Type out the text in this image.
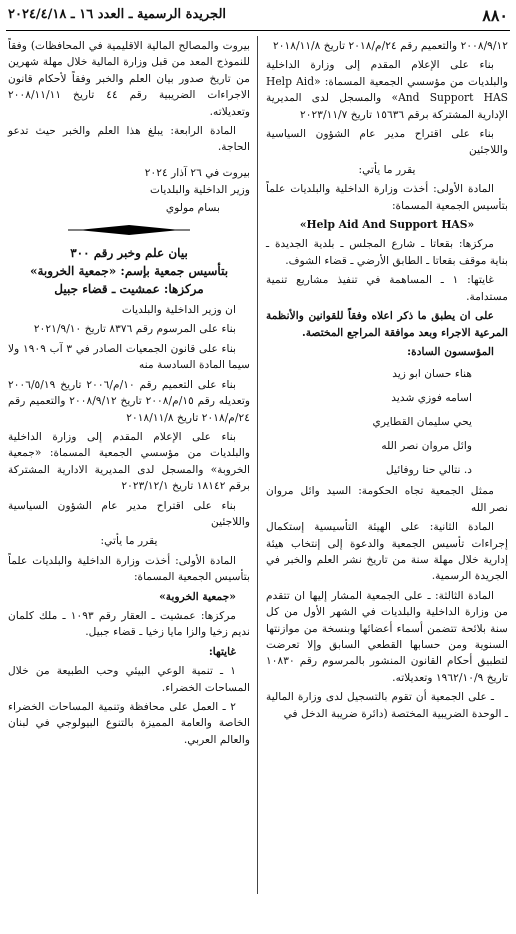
٨٨٠
الجريدة الرسمية ـ العدد ١٦ ـ ٢٠٢٤/٤/١٨

٢٠٠٨/٩/١٢ والتعميم رقم ٢٤/م/٢٠١٨ تاريخ ٢٠١٨/١١/٨

بناء على الإعلام المقدم إلى وزارة الداخلية والبلديات من مؤسسي الجمعية المسماة: «Help Aid And Support HAS» والمسجل لدى المديرية الإدارية المشتركة برقم ١٥٦٣٦ تاريخ ٢٠٢٣/١١/٧

بناء على اقتراح مدير عام الشؤون السياسية واللاجئين

يقرر ما يأتي:

المادة الأولى: أخذت وزارة الداخلية والبلديات علماً بتأسيس الجمعية المسماة:

«Help Aid And Support HAS»

مركزها: بقعاتا ـ شارع المجلس ـ بلدية الجديدة ـ بناية موقف بقعاتا ـ الطابق الأرضي ـ قضاء الشوف.

غايتها: ١ ـ المساهمة في تنفيذ مشاريع تنمية مستدامة.

على ان يطبق ما ذكر اعلاه وفقاً للقوانين والأنظمة المرعية الاجراء وبعد موافقة المراجع المختصة.

المؤسسون السادة:

هناء حسان ابو زيد

اسامه فوزي شديد

يحي سليمان القطايري

وائل مروان نصر الله

د. نتالي حنا روفائيل

ممثل الجمعية تجاه الحكومة: السيد وائل مروان نصر الله

المادة الثانية: على الهيئة التأسيسية إستكمال إجراءات تأسيس الجمعية والدعوة إلى إنتخاب هيئة إدارية خلال مهلة سنة من تاريخ نشر العلم والخبر في الجريدة الرسمية.

المادة الثالثة: ـ على الجمعية المشار إليها ان تتقدم من وزارة الداخلية والبلديات في الشهر الأول من كل سنة بلائحة تتضمن أسماء أعضائها وبنسخة من موازنتها السنوية ومن حسابها القطعي السابق وإلا تعرضت لتطبيق أحكام القانون المنشور بالمرسوم رقم ١٠٨٣٠ تاريخ ١٩٦٢/١٠/٩ وتعديلاته.

ـ على الجمعية أن تقوم بالتسجيل لدى وزارة المالية ـ الوحدة الضريبية المختصة (دائرة ضريبة الدخل في

بيروت والمصالح المالية الاقليمية في المحافظات) وفقاً للنموذج المعد من قبل وزارة المالية خلال مهلة شهرين من تاريخ صدور بيان العلم والخبر وفقاً لأحكام قانون الاجراءات الضريبية رقم ٤٤ تاريخ ٢٠٠٨/١١/١١ وتعديلاته.

المادة الرابعة: يبلغ هذا العلم والخبر حيث تدعو الحاجة.

بيروت في ٢٦ آذار ٢٠٢٤

وزير الداخلية والبلديات

بسام مولوي

بيان علم وخبر رقم ٣٠٠

بتأسيس جمعية بإسم: «جمعية الخروبة»

مركزها: عمشيت ـ قضاء جبيل

ان وزير الداخلية والبلديات

بناء على المرسوم رقم ٨٣٧٦ تاريخ ٢٠٢١/٩/١٠

بناء على قانون الجمعيات الصادر في ٣ آب ١٩٠٩ ولا سيما المادة السادسة منه

بناء على التعميم رقم ١٠/م/٢٠٠٦ تاريخ ٢٠٠٦/٥/١٩ وتعديله رقم ١٥/م/٢٠٠٨ تاريخ ٢٠٠٨/٩/١٢ والتعميم رقم ٢٤/م/٢٠١٨ تاريخ ٢٠١٨/١١/٨

بناء على الإعلام المقدم إلى وزارة الداخلية والبلديات من مؤسسي الجمعية المسماة: «جمعية الخروبة» والمسجل لدى المديرية الادارية المشتركة برقم ١٨١٤٢ تاريخ ٢٠٢٣/١٢/١

بناء على اقتراح مدير عام الشؤون السياسية واللاجئين

يقرر ما يأتي:

المادة الأولى: أخذت وزارة الداخلية والبلديات علماً بتأسيس الجمعية المسماة:

«جمعية الخروبة»

مركزها: عمشيت ـ العقار رقم ١٠٩٣ ـ ملك كلمان نديم زخيا والزا مايا زخيا ـ قضاء جبيل.

غايتها:

١ ـ تنمية الوعي البيئي وحب الطبيعة من خلال المساحات الخضراء.

٢ ـ العمل على محافظة وتنمية المساحات الخضراء الخاصة والعامة المميزة بالتنوع البيولوجي في لبنان والعالم العربي.
